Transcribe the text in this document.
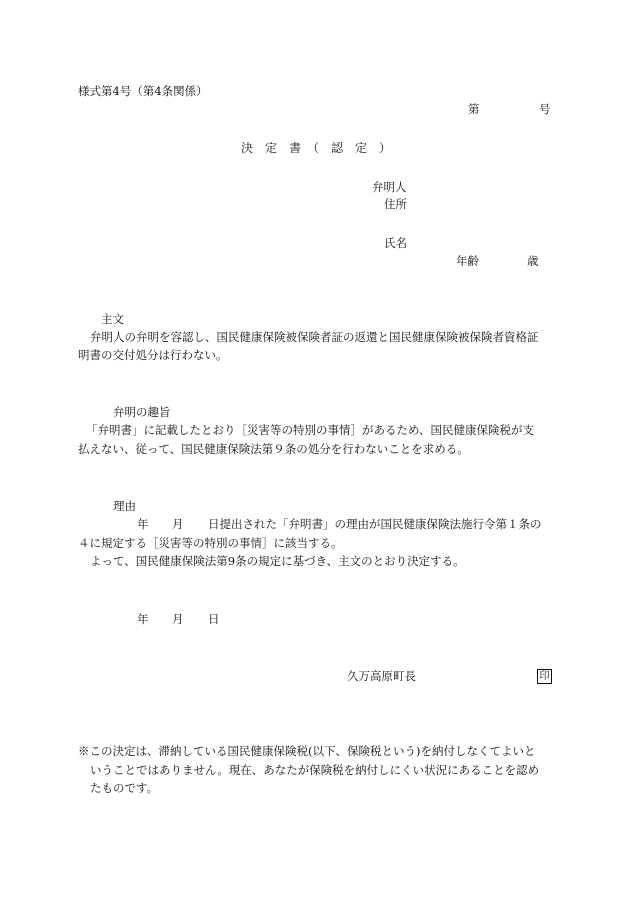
様式第4号（第4条関係）
第	号
決　定　書　（　認　定　）
弁明人
住所
氏名
年齢	歳
主文
弁明人の弁明を容認し、国民健康保険被保険者証の返還と国民健康保険被保険者資格証
明書の交付処分は行わない。
弁明の趣旨
「弁明書」に記載したとおり［災害等の特別の事情］があるため、国民健康保険税が支
払えない、従って、国民健康保険法第９条の処分を行わないことを求める。
理由
年 月 日提出された「弁明書」の理由が国民健康保険法施行令第１条の
４に規定する［災害等の特別の事情］に該当する。
よって、国民健康保険法第9条の規定に基づき、主文のとおり決定する。
年 月 日
久万高原町長	印
※この決定は、滞納している国民健康保険税(以下、保険税という)を納付しなくてよいと
いうことではありません。現在、あなたが保険税を納付しにくい状況にあることを認め
たものです。
